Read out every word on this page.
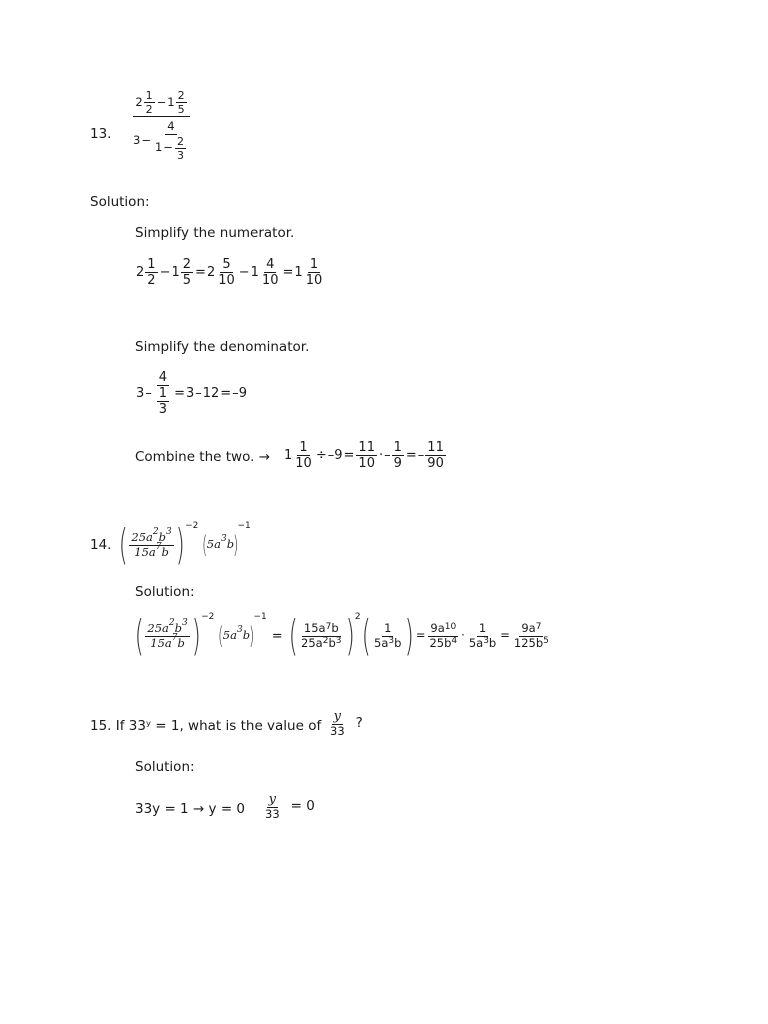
13.
$2 \frac{1}{2} - 1 \frac{2}{5}$
$3 - \frac{4}{1 - \frac{2}{3}}$
Solution:
Simplify the numerator.
$2 \frac{1}{2} - 1 \frac{2}{5} = 2 \frac{5}{10} - 1 \frac{4}{10} = 1 \frac{1}{10}$
Simplify the denominator.
$3 - \frac{4}{\frac{1}{3}} = 3 - 12 = -9$
Combine the two. → $1 \frac{1}{10} \div -9 = \frac{11}{10}$ · – $\frac{1}{9}$ = – $\frac{11}{90}$
14. ( $\frac{25a^2b^3}{15a^7b} )^{-2}$
( $5a^3b$ )
−1
Solution:
( $\frac{25a^2b^3}{15a^7b} )^{-2}$
( $5a^3b$ )
−1
= ( $\frac{15a^7 b}{25a^2 b^3} )^2$ ( $\frac{1}{5a^3 b}$ ) = $\frac{9a^{10}}{25 b^4} \cdot \frac{1}{5a^3 b} = \frac{9a^7}{125 b^5}$
15. If 33ʸ = 1, what is the value of $\frac{y}{33}$ ?
Solution:
$33y = 1 \to y = 0 \frac{y}{33} = 0$
